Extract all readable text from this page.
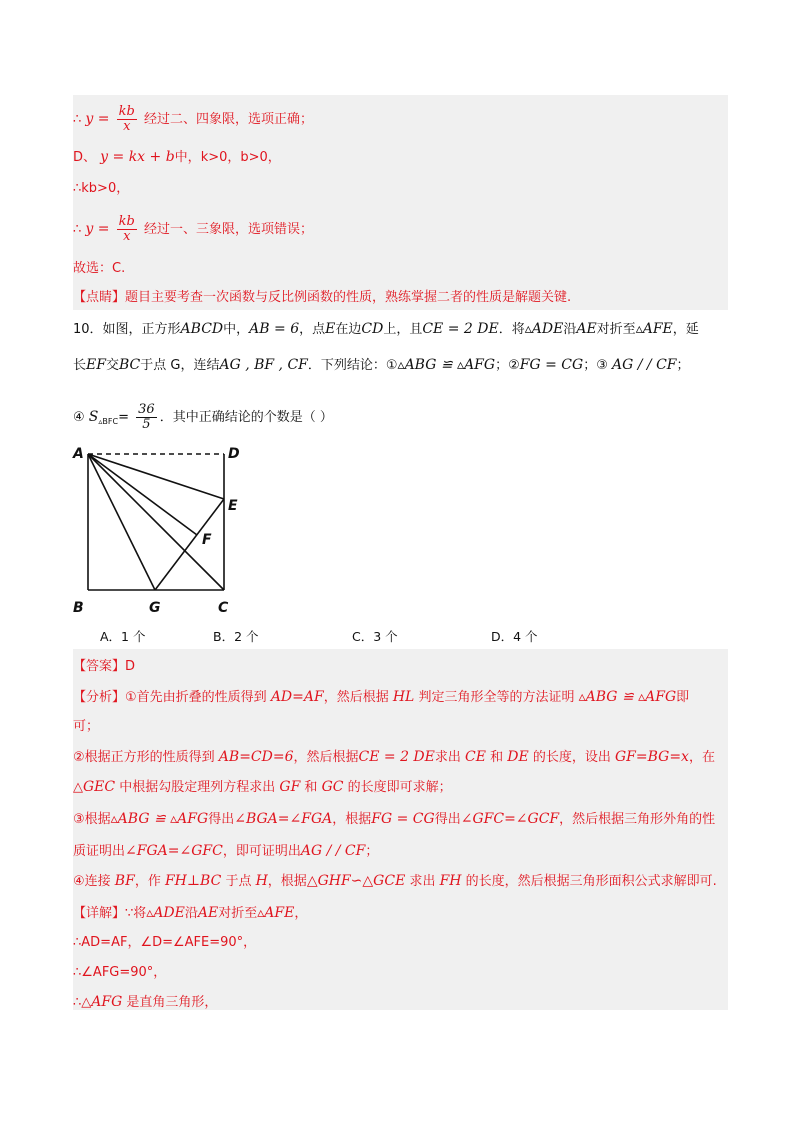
∴ $y = \frac{kb}{x}$ 经过二、四象限，选项正确；
D、 y = kx + b中，k>0，b>0，
∴kb>0，
∴ $y = \frac{kb}{x}$ 经过一、三象限，选项错误；
故选：C.
【点睛】题目主要考查一次函数与反比例函数的性质，熟练掌握二者的性质是解题关键.
10．如图，正方形ABCD中，AB = 6，点E在边CD上，且CE = 2 DE．将▵ADE沿AE对折至▵AFE，延
长EF交BC于点 G，连结AG , BF , CF．下列结论：①▵ABG ≌ ▵AFG；②FG = CG；③ AG / / CF；
④ $S_{▵BFC}= \frac{36}{5}$ ．其中正确结论的个数是（ ）
A	D
E
F
B	G	C
A．1 个	B．2 个	C．3 个	D．4 个
【答案】D
【分析】①首先由折叠的性质得到 AD=AF，然后根据 HL 判定三角形全等的方法证明 ▵ABG ≌ ▵AFG即
可；
②根据正方形的性质得到 AB=CD=6，然后根据CE = 2 DE求出 CE 和 DE 的长度，设出 GF=BG=x，在
△GEC 中根据勾股定理列方程求出 GF 和 GC 的长度即可求解；
③根据▵ABG ≌ ▵AFG得出∠BGA=∠FGA，根据FG = CG得出∠GFC=∠GCF，然后根据三角形外角的性
质证明出∠FGA=∠GFC，即可证明出AG / / CF；
④连接 BF，作 FH⊥BC 于点 H，根据△GHF∽△GCE 求出 FH 的长度，然后根据三角形面积公式求解即可.
【详解】∵将▵ADE沿AE对折至▵AFE，
∴AD=AF，∠D=∠AFE=90°，
∴∠AFG=90°，
∴△AFG 是直角三角形，
